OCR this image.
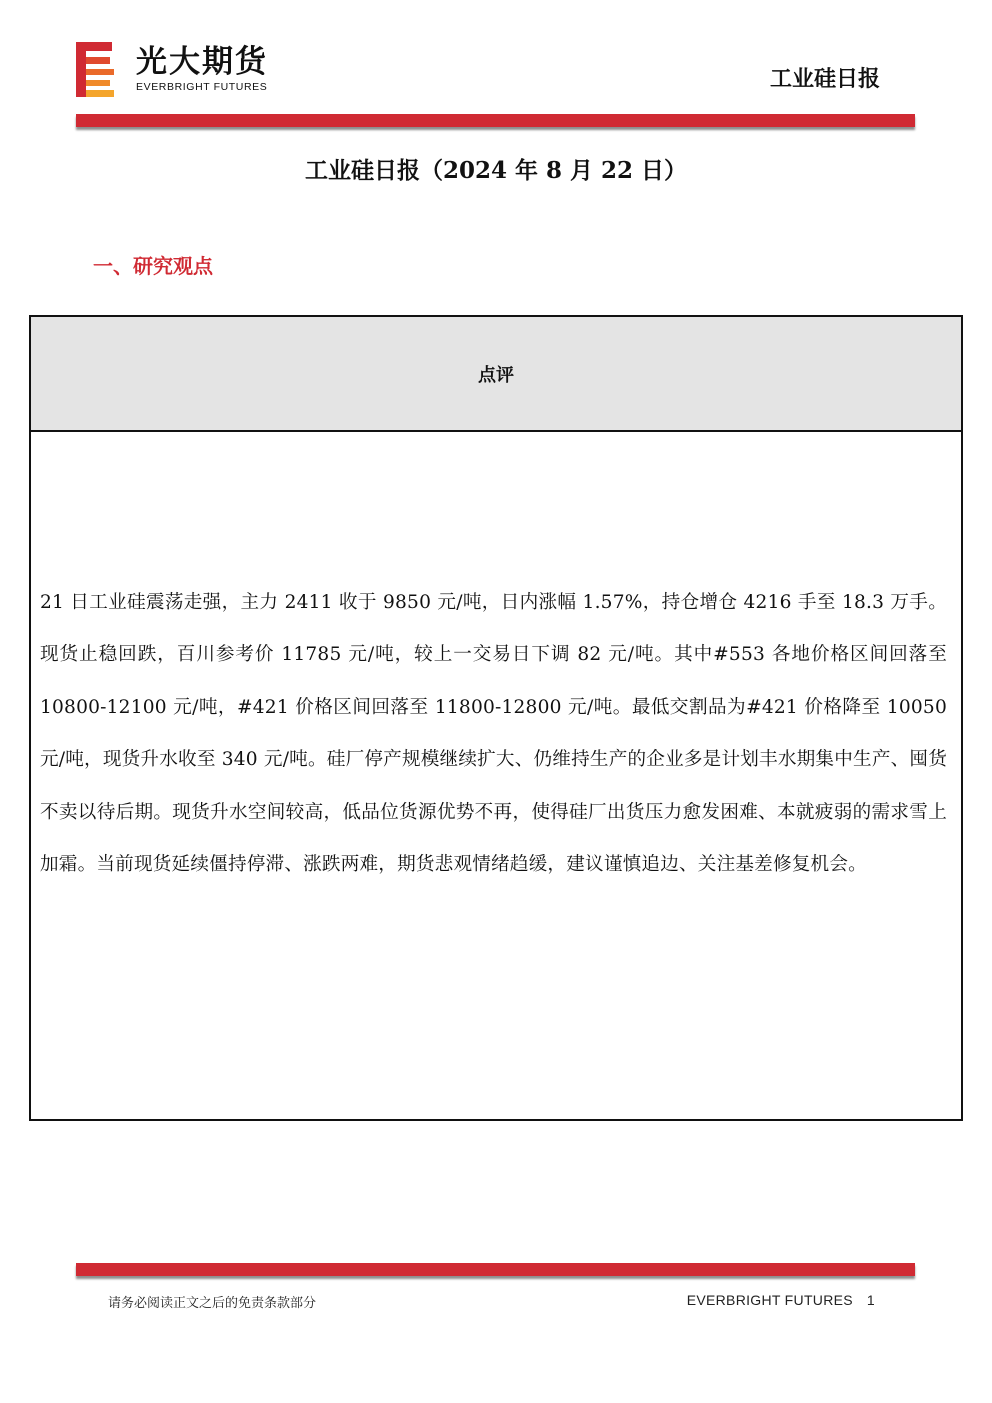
光大期货
EVERBRIGHT FUTURES	工业硅日报
工业硅日报（2024 年 8 月 22 日）
一、研究观点
点评
21 日工业硅震荡走强，主力 2411 收于 9850 元/吨，日内涨幅 1.57%，持仓增仓 4216 手至 18.3 万手。现货止稳回跌，百川参考价 11785 元/吨，较上一交易日下调 82 元/吨。其中#553 各地价格区间回落至 10800-12100 元/吨，#421 价格区间回落至 11800-12800 元/吨。最低交割品为#421 价格降至 10050 元/吨，现货升水收至 340 元/吨。硅厂停产规模继续扩大、仍维持生产的企业多是计划丰水期集中生产、囤货不卖以待后期。现货升水空间较高，低品位货源优势不再，使得硅厂出货压力愈发困难、本就疲弱的需求雪上加霜。当前现货延续僵持停滞、涨跌两难，期货悲观情绪趋缓，建议谨慎追边、关注基差修复机会。
请务必阅读正文之后的免责条款部分	EVERBRIGHT FUTURES 1
